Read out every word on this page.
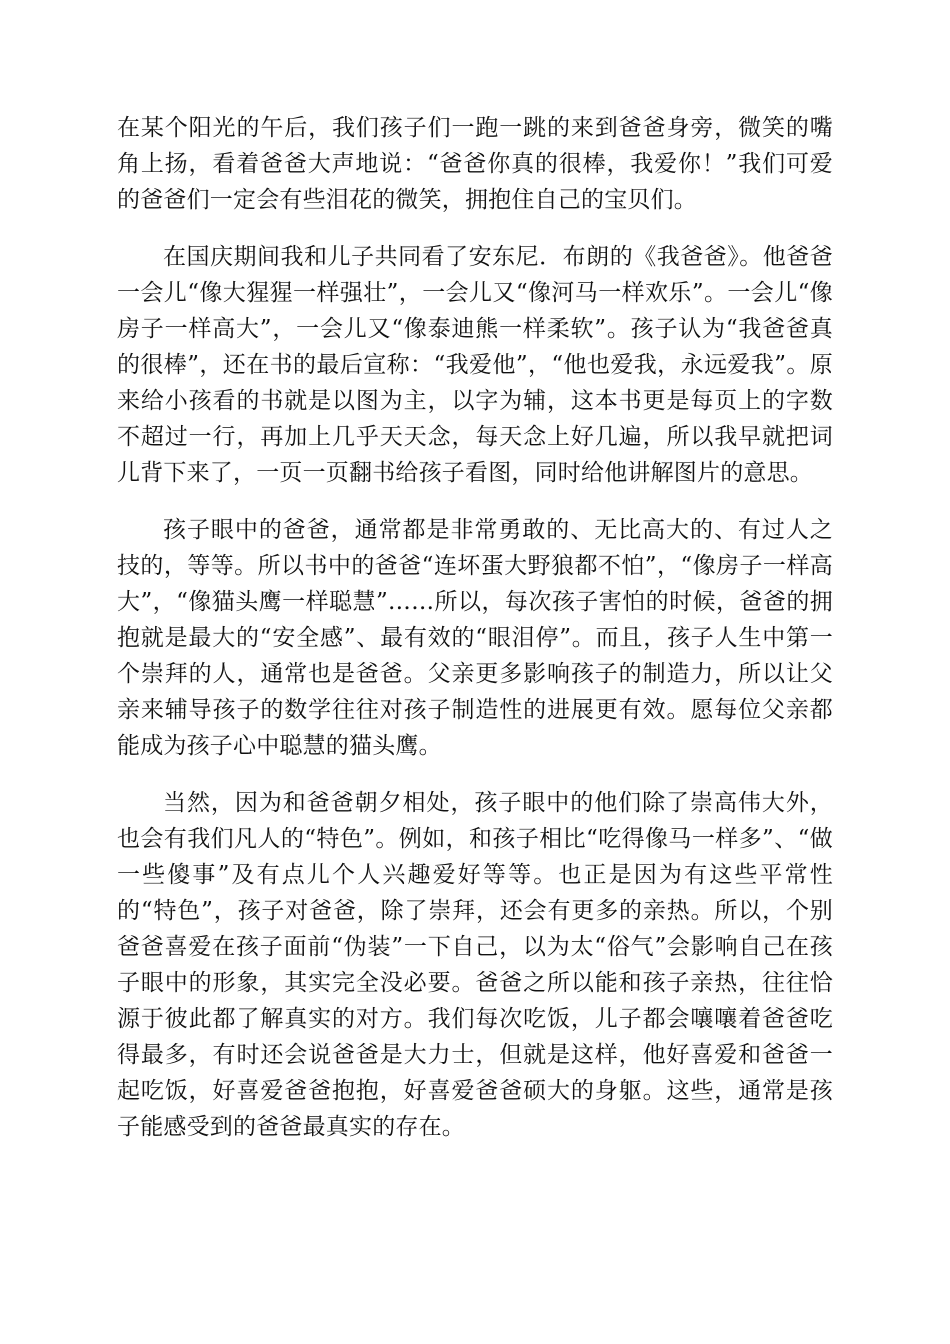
在某个阳光的午后，我们孩子们一跑一跳的来到爸爸身旁，微笑的嘴角上扬，看着爸爸大声地说：“爸爸你真的很棒，我爱你！”我们可爱的爸爸们一定会有些泪花的微笑，拥抱住自己的宝贝们。

在国庆期间我和儿子共同看了安东尼．布朗的《我爸爸》。他爸爸一会儿“像大猩猩一样强壮”，一会儿又“像河马一样欢乐”。一会儿“像房子一样高大”，一会儿又“像泰迪熊一样柔软”。孩子认为“我爸爸真的很棒”，还在书的最后宣称：“我爱他”，“他也爱我，永远爱我”。原来给小孩看的书就是以图为主，以字为辅，这本书更是每页上的字数不超过一行，再加上几乎天天念，每天念上好几遍，所以我早就把词儿背下来了，一页一页翻书给孩子看图，同时给他讲解图片的意思。

孩子眼中的爸爸，通常都是非常勇敢的、无比高大的、有过人之技的，等等。所以书中的爸爸“连坏蛋大野狼都不怕”，“像房子一样高大”，“像猫头鹰一样聪慧”……所以，每次孩子害怕的时候，爸爸的拥抱就是最大的“安全感”、最有效的“眼泪停”。而且，孩子人生中第一个崇拜的人，通常也是爸爸。父亲更多影响孩子的制造力，所以让父亲来辅导孩子的数学往往对孩子制造性的进展更有效。愿每位父亲都能成为孩子心中聪慧的猫头鹰。

当然，因为和爸爸朝夕相处，孩子眼中的他们除了崇高伟大外，也会有我们凡人的“特色”。例如，和孩子相比“吃得像马一样多”、“做一些傻事”及有点儿个人兴趣爱好等等。也正是因为有这些平常性的“特色”，孩子对爸爸，除了崇拜，还会有更多的亲热。所以，个别爸爸喜爱在孩子面前“伪装”一下自己，以为太“俗气”会影响自己在孩子眼中的形象，其实完全没必要。爸爸之所以能和孩子亲热，往往恰源于彼此都了解真实的对方。我们每次吃饭，儿子都会嚷嚷着爸爸吃得最多，有时还会说爸爸是大力士，但就是这样，他好喜爱和爸爸一起吃饭，好喜爱爸爸抱抱，好喜爱爸爸硕大的身躯。这些，通常是孩子能感受到的爸爸最真实的存在。
